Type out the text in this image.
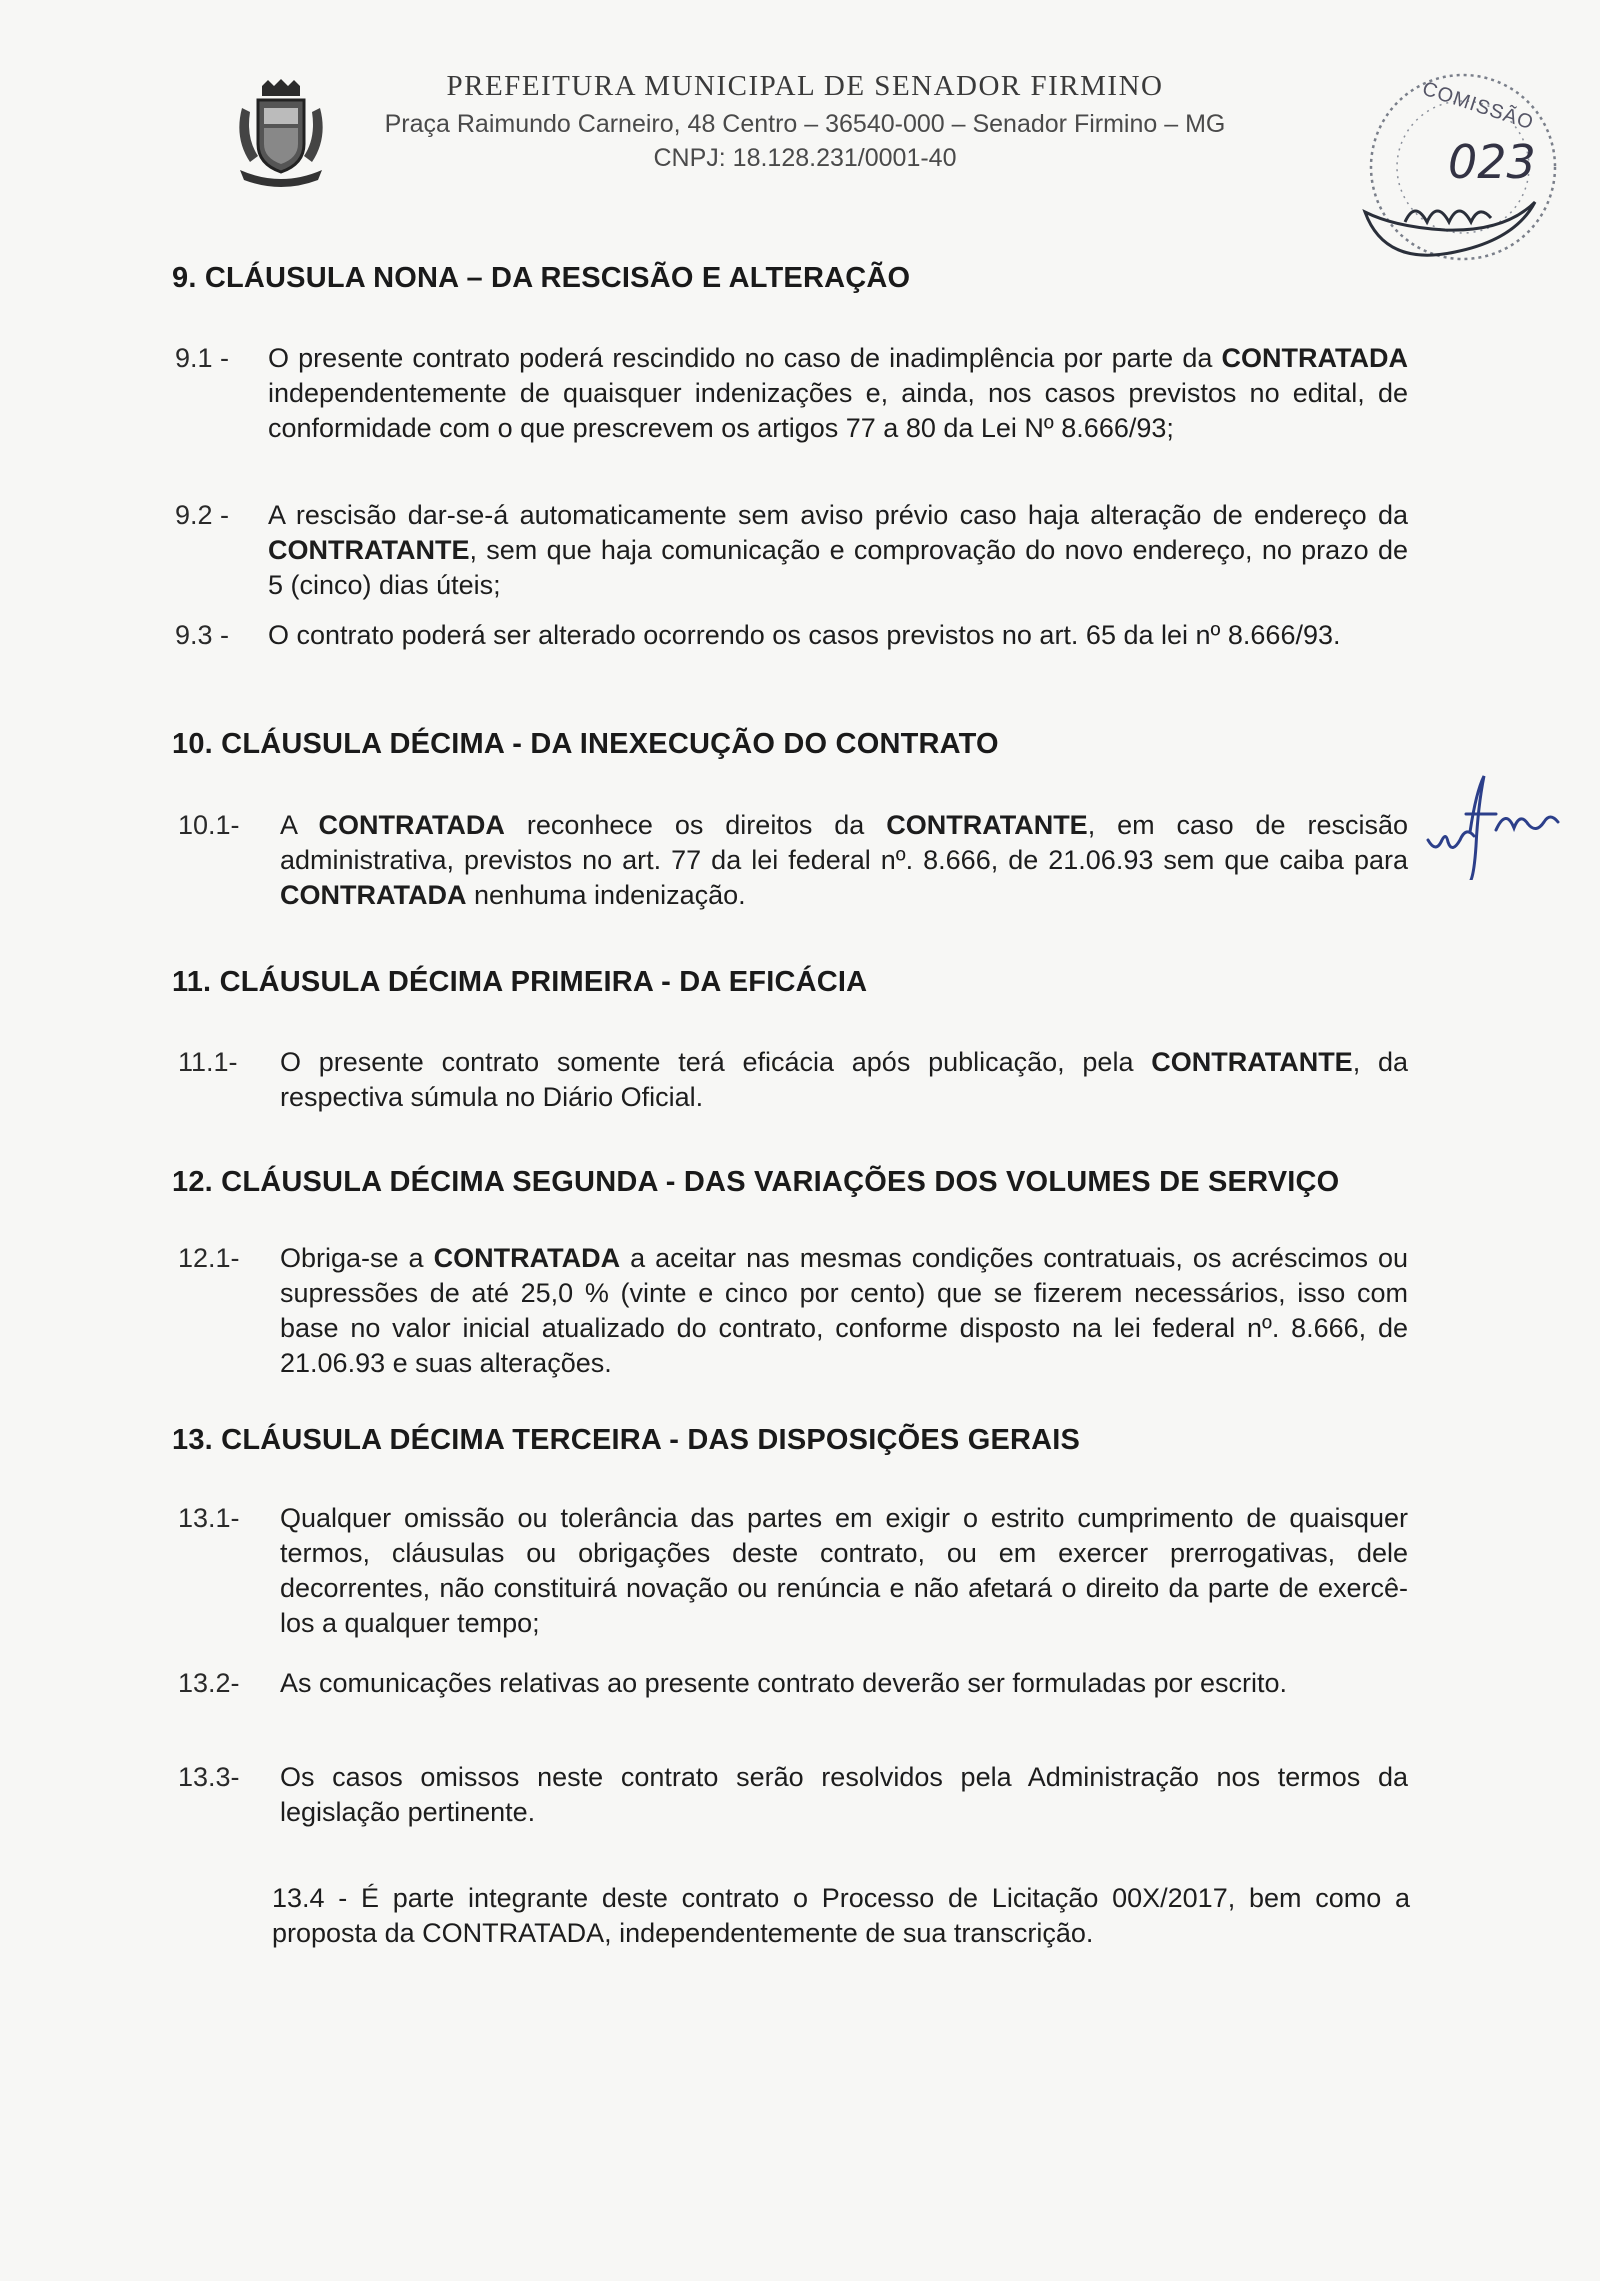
PREFEITURA MUNICIPAL DE SENADOR FIRMINO
Praça Raimundo Carneiro, 48 Centro – 36540-000 – Senador Firmino – MG
CNPJ: 18.128.231/0001-40
COMISSÃO
023
9. CLÁUSULA NONA – DA RESCISÃO E ALTERAÇÃO
9.1 - O presente contrato poderá rescindido no caso de inadimplência por parte da CONTRATADA independentemente de quaisquer indenizações e, ainda, nos casos previstos no edital, de conformidade com o que prescrevem os artigos 77 a 80 da Lei Nº 8.666/93;
9.2 - A rescisão dar-se-á automaticamente sem aviso prévio caso haja alteração de endereço da CONTRATANTE, sem que haja comunicação e comprovação do novo endereço, no prazo de 5 (cinco) dias úteis;
9.3 - O contrato poderá ser alterado ocorrendo os casos previstos no art. 65 da lei nº 8.666/93.
10. CLÁUSULA DÉCIMA - DA INEXECUÇÃO DO CONTRATO
10.1- A CONTRATADA reconhece os direitos da CONTRATANTE, em caso de rescisão administrativa, previstos no art. 77 da lei federal nº. 8.666, de 21.06.93 sem que caiba para CONTRATADA nenhuma indenização.
11. CLÁUSULA DÉCIMA PRIMEIRA - DA EFICÁCIA
11.1- O presente contrato somente terá eficácia após publicação, pela CONTRATANTE, da respectiva súmula no Diário Oficial.
12. CLÁUSULA DÉCIMA SEGUNDA - DAS VARIAÇÕES DOS VOLUMES DE SERVIÇO
12.1- Obriga-se a CONTRATADA a aceitar nas mesmas condições contratuais, os acréscimos ou supressões de até 25,0 % (vinte e cinco por cento) que se fizerem necessários, isso com base no valor inicial atualizado do contrato, conforme disposto na lei federal nº. 8.666, de 21.06.93 e suas alterações.
13. CLÁUSULA DÉCIMA TERCEIRA - DAS DISPOSIÇÕES GERAIS
13.1- Qualquer omissão ou tolerância das partes em exigir o estrito cumprimento de quaisquer termos, cláusulas ou obrigações deste contrato, ou em exercer prerrogativas, dele decorrentes, não constituirá novação ou renúncia e não afetará o direito da parte de exercê-los a qualquer tempo;
13.2- As comunicações relativas ao presente contrato deverão ser formuladas por escrito.
13.3- Os casos omissos neste contrato serão resolvidos pela Administração nos termos da legislação pertinente.
13.4 - É parte integrante deste contrato o Processo de Licitação 00X/2017, bem como a proposta da CONTRATADA, independentemente de sua transcrição.
